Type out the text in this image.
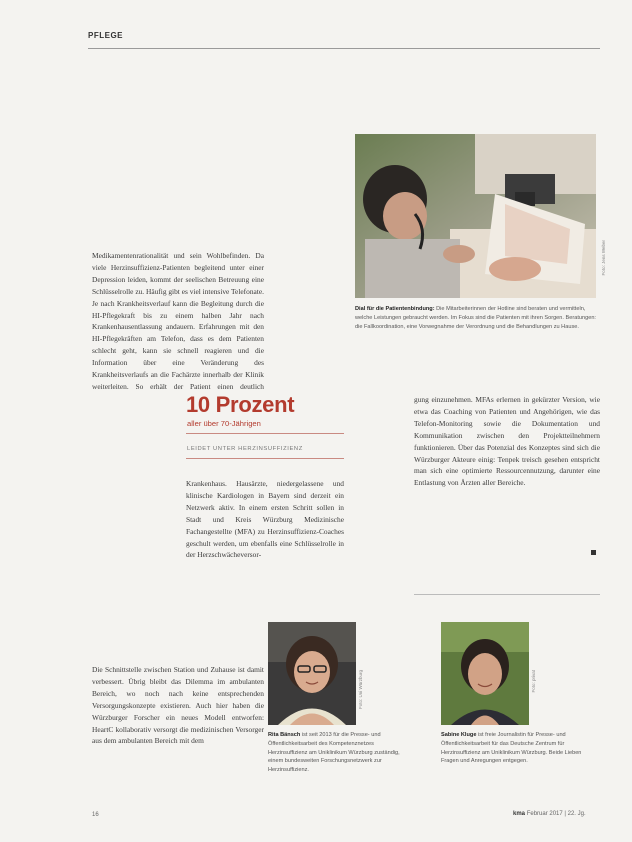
PFLEGE
Foto: Jens Weber
Dial für die Patientenbindung: Die Mitarbeiterinnen der Hotline sind beraten und vermitteln, welche Leistungen gebraucht werden. Im Fokus sind die Patienten mit ihren Sorgen. Beratungen: die Fallkoordination, eine Vorwegnahme der Verordnung und die Behandlungen zu Hause.

Medikamentenrationalität und sein Wohlbefinden. Da viele Herzinsuffizienz-Patienten begleitend unter einer Depression leiden, kommt der seelischen Betreuung eine Schlüsselrolle zu. Häufig gibt es viel intensive Telefonate. Je nach Krankheitsverlauf kann die Begleitung durch die HI-Pflegekraft bis zu einem halben Jahr nach Krankenhausentlassung andauern. Erfahrungen mit den HI-Pflegekräften am Telefon, dass es dem Patienten schlecht geht, kann sie schnell reagieren und die Information über eine Veränderung des Krankheitsverlaufs an die Fachärzte innerhalb der Klinik weiterleiten. So erhält der Patient einen deutlich

Die Schnittstelle zwischen Station und Zuhause ist damit verbessert. Übrig bleibt das Dilemma im ambulanten Bereich, wo noch nach keine entsprechenden Versorgungskonzepte existieren. Auch hier haben die Würzburger Forscher ein neues Modell entworfen: HeartC kollaborativ versorgt die medizinischen Versorger aus dem ambulanten Bereich mit dem

10 Prozent
aller über 70-Jährigen
LEIDET UNTER HERZINSUFFIZIENZ

Krankenhaus. Hausärzte, niedergelassene und klinische Kardiologen in Bayern sind derzeit ein Netzwerk aktiv. In einem ersten Schritt sollen in Stadt und Kreis Würzburg Medizinische Fachangestellte (MFA) zu Herzinsuffizienz-Coaches geschult werden, um ebenfalls eine Schlüsselrolle in der Herzschwächeversor-

gung einzunehmen. MFAs erlernen in gekürzter Version, wie etwa das Coaching von Patienten und Angehörigen, wie das Telefon-Monitoring sowie die Dokumentation und Kommunikation zwischen den Projektteilnehmern funktionieren. Über das Potenzial des Konzeptes sind sich die Würzburger Akteure einig: Tenpek treisch gesehen entspricht man sich eine optimierte Ressourcennutzung, darunter eine Entlastung von Ärzten aller Bereiche.

Foto: Uni Würzburg
Rita Bänsch ist seit 2013 für die Presse- und Öffentlichkeitsarbeit des Kompetenznetzes Herzinsuffizienz am Uniklinikum Würzburg zuständig, einem bundesweiten Forschungsnetzwerk zur Herzinsuffizienz.
Foto: privat
Sabine Kluge ist freie Journalistin für Presse- und Öffentlichkeitsarbeit für das Deutsche Zentrum für Herzinsuffizienz am Uniklinikum Würzburg. Beide Lieben Fragen und Anregungen entgegen.
16	kma Februar 2017 | 22. Jg.
